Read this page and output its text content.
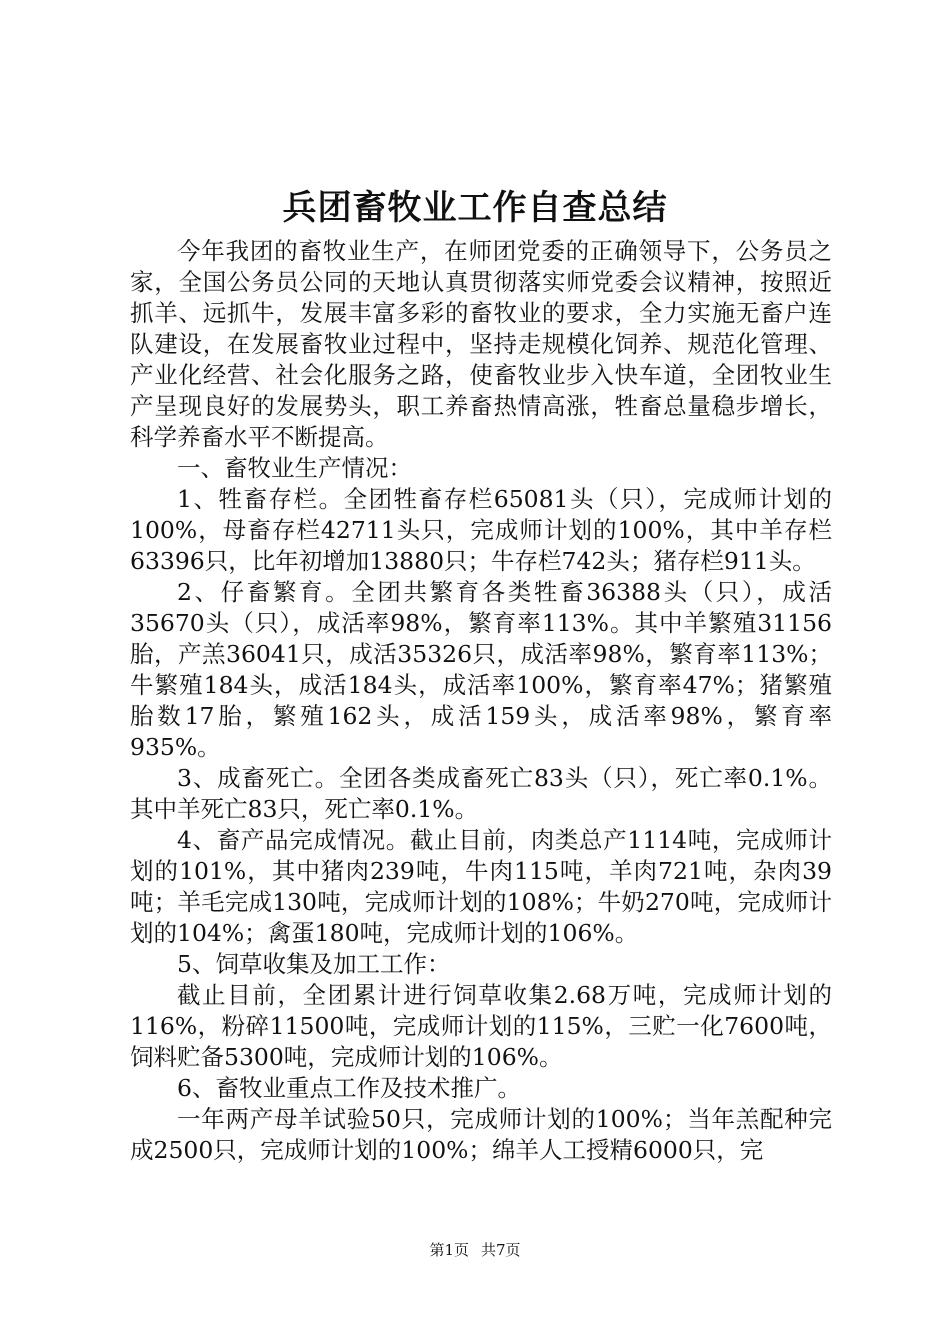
兵团畜牧业工作自查总结

今年我团的畜牧业生产，在师团党委的正确领导下，公务员之家，全国公务员公同的天地认真贯彻落实师党委会议精神，按照近抓羊、远抓牛，发展丰富多彩的畜牧业的要求，全力实施无畜户连队建设，在发展畜牧业过程中，坚持走规模化饲养、规范化管理、产业化经营、社会化服务之路，使畜牧业步入快车道，全团牧业生产呈现良好的发展势头，职工养畜热情高涨，牲畜总量稳步增长，科学养畜水平不断提高。

一、畜牧业生产情况：

1、牲畜存栏。全团牲畜存栏65081头（只），完成师计划的100%，母畜存栏42711头只，完成师计划的100%，其中羊存栏63396只，比年初增加13880只；牛存栏742头；猪存栏911头。

2、仔畜繁育。全团共繁育各类牲畜36388头（只），成活35670头（只），成活率98%，繁育率113%。其中羊繁殖31156胎，产羔36041只，成活35326只，成活率98%，繁育率113%；牛繁殖184头，成活184头，成活率100%，繁育率47%；猪繁殖胎数17胎，繁殖162头，成活159头，成活率98%，繁育率935%。

3、成畜死亡。全团各类成畜死亡83头（只），死亡率0.1%。其中羊死亡83只，死亡率0.1%。

4、畜产品完成情况。截止目前，肉类总产1114吨，完成师计划的101%，其中猪肉239吨，牛肉115吨，羊肉721吨，杂肉39吨；羊毛完成130吨，完成师计划的108%；牛奶270吨，完成师计划的104%；禽蛋180吨，完成师计划的106%。

5、饲草收集及加工工作：

截止目前，全团累计进行饲草收集2.68万吨，完成师计划的116%，粉碎11500吨，完成师计划的115%，三贮一化7600吨，饲料贮备5300吨，完成师计划的106%。

6、畜牧业重点工作及技术推广。

一年两产母羊试验50只，完成师计划的100%；当年羔配种完成2500只，完成师计划的100%；绵羊人工授精6000只，完

第1页 共7页
